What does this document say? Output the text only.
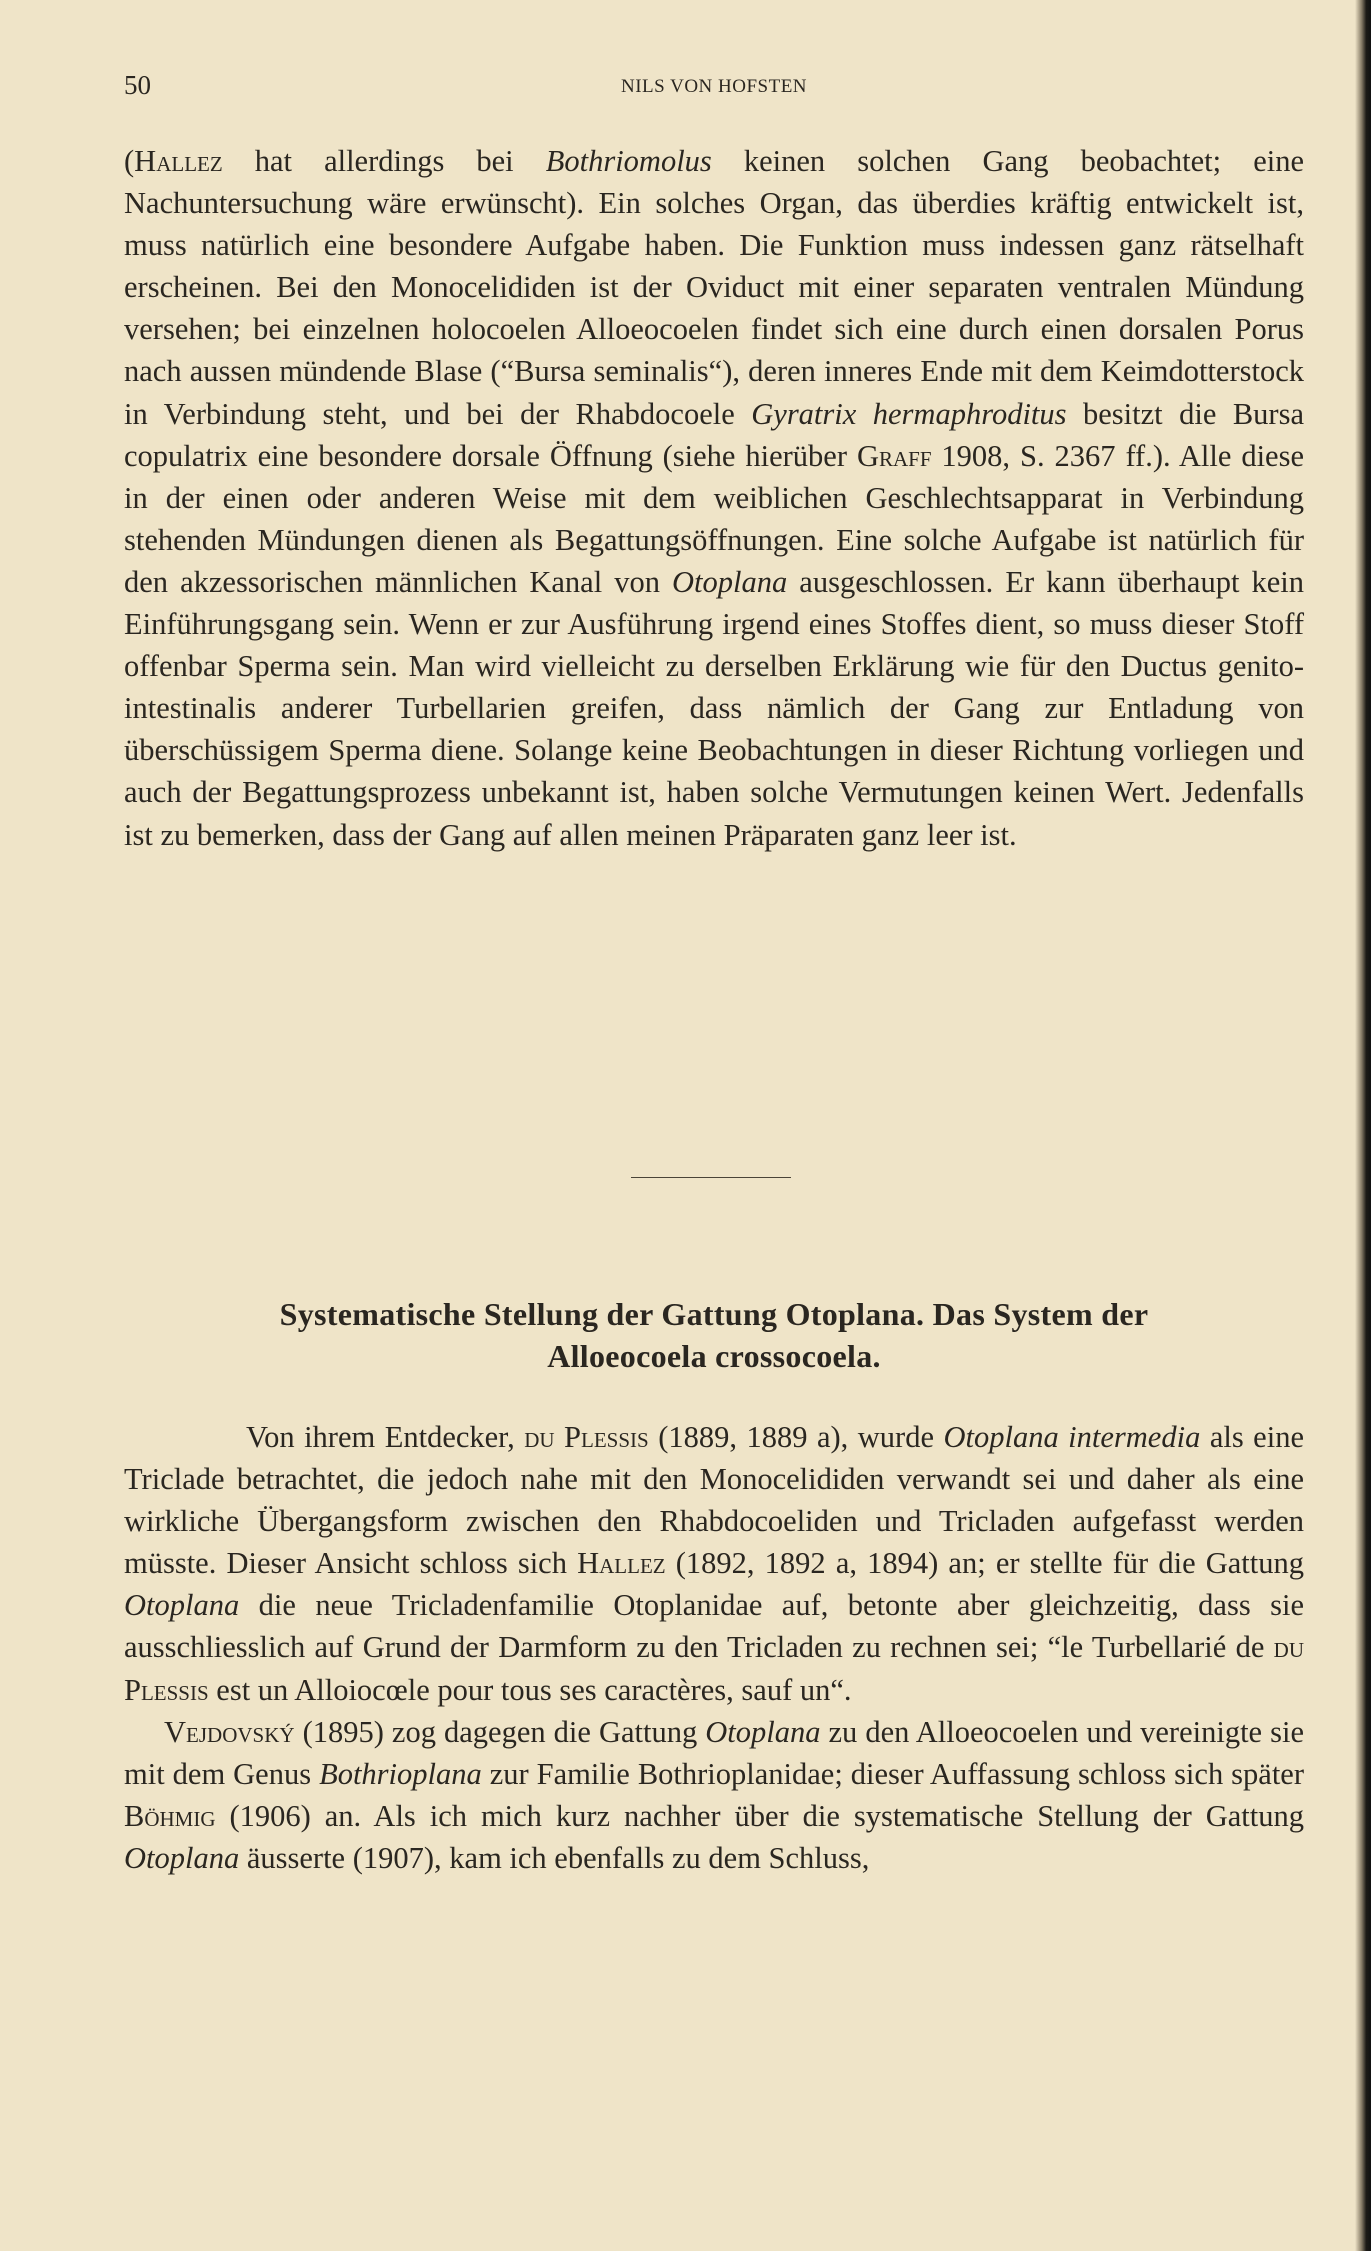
50	NILS VON HOFSTEN

(Hallez hat allerdings bei Bothriomolus keinen solchen Gang beobachtet; eine Nachuntersuchung wäre erwünscht). Ein solches Organ, das überdies kräftig entwickelt ist, muss natürlich eine besondere Aufgabe haben. Die Funktion muss indessen ganz rätselhaft erscheinen. Bei den Monocelididen ist der Oviduct mit einer separaten ventralen Mündung versehen; bei einzelnen holocoelen Alloeocoelen findet sich eine durch einen dorsalen Porus nach aussen mündende Blase (“Bursa seminalis“), deren inneres Ende mit dem Keimdotterstock in Verbindung steht, und bei der Rhabdocoele Gyratrix hermaphroditus besitzt die Bursa copulatrix eine besondere dorsale Öffnung (siehe hierüber Graff 1908, S. 2367 ff.). Alle diese in der einen oder anderen Weise mit dem weiblichen Geschlechtsapparat in Verbindung stehenden Mündungen dienen als Begattungsöffnungen. Eine solche Aufgabe ist natürlich für den akzessorischen männlichen Kanal von Otoplana ausgeschlossen. Er kann überhaupt kein Einführungsgang sein. Wenn er zur Ausführung irgend eines Stoffes dient, so muss dieser Stoff offenbar Sperma sein. Man wird vielleicht zu derselben Erklärung wie für den Ductus genito-intestinalis anderer Turbellarien greifen, dass nämlich der Gang zur Entladung von überschüssigem Sperma diene. Solange keine Beobachtungen in dieser Richtung vorliegen und auch der Begattungsprozess unbekannt ist, haben solche Vermutungen keinen Wert. Jedenfalls ist zu bemerken, dass der Gang auf allen meinen Präparaten ganz leer ist.

Systematische Stellung der Gattung Otoplana. Das System der
Alloeocoela crossocoela.

Von ihrem Entdecker, du Plessis (1889, 1889 a), wurde Otoplana intermedia als eine Triclade betrachtet, die jedoch nahe mit den Monocelididen verwandt sei und daher als eine wirkliche Übergangsform zwischen den Rhabdocoeliden und Tricladen aufgefasst werden müsste. Dieser Ansicht schloss sich Hallez (1892, 1892 a, 1894) an; er stellte für die Gattung Otoplana die neue Tricladenfamilie Otoplanidae auf, betonte aber gleichzeitig, dass sie ausschliesslich auf Grund der Darmform zu den Tricladen zu rechnen sei; “le Turbellarié de du Plessis est un Alloiocœle pour tous ses caractères, sauf un“.

Vejdovský (1895) zog dagegen die Gattung Otoplana zu den Alloeocoelen und vereinigte sie mit dem Genus Bothrioplana zur Familie Bothrioplanidae; dieser Auffassung schloss sich später Böhmig (1906) an. Als ich mich kurz nachher über die systematische Stellung der Gattung Otoplana äusserte (1907), kam ich ebenfalls zu dem Schluss,
